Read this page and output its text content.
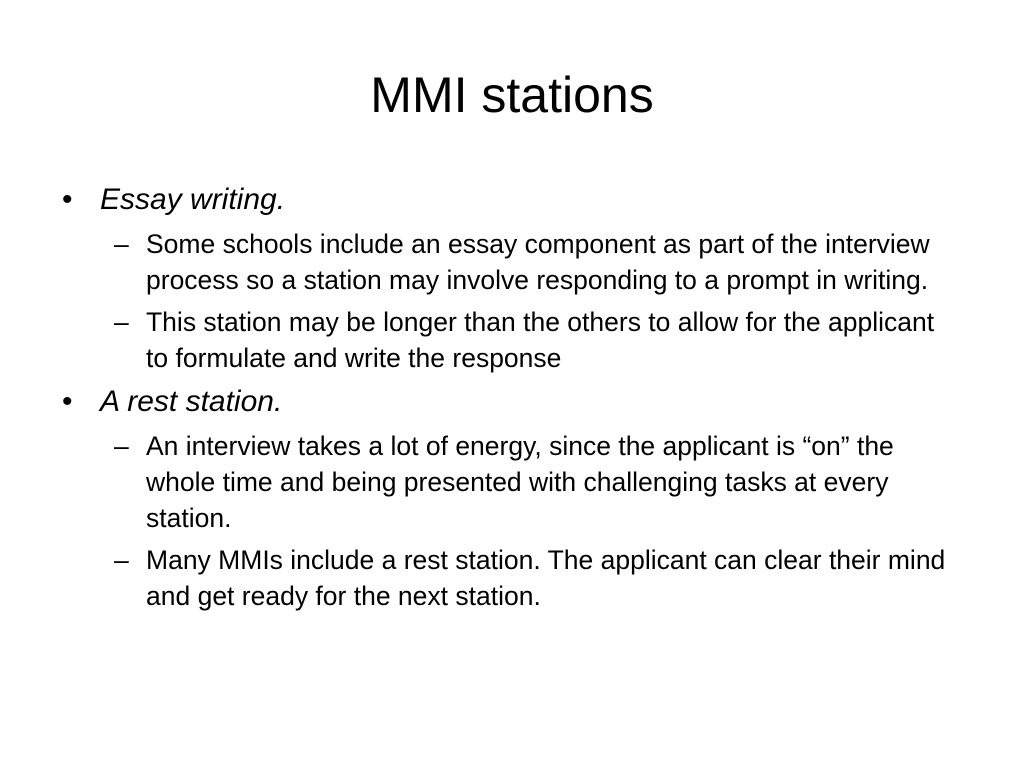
MMI stations
• Essay writing.
– Some schools include an essay component as part of the interview process so a station may involve responding to a prompt in writing.
– This station may be longer than the others to allow for the applicant to formulate and write the response
• A rest station.
– An interview takes a lot of energy, since the applicant is “on” the whole time and being presented with challenging tasks at every station.
– Many MMIs include a rest station. The applicant can clear their mind and get ready for the next station.
